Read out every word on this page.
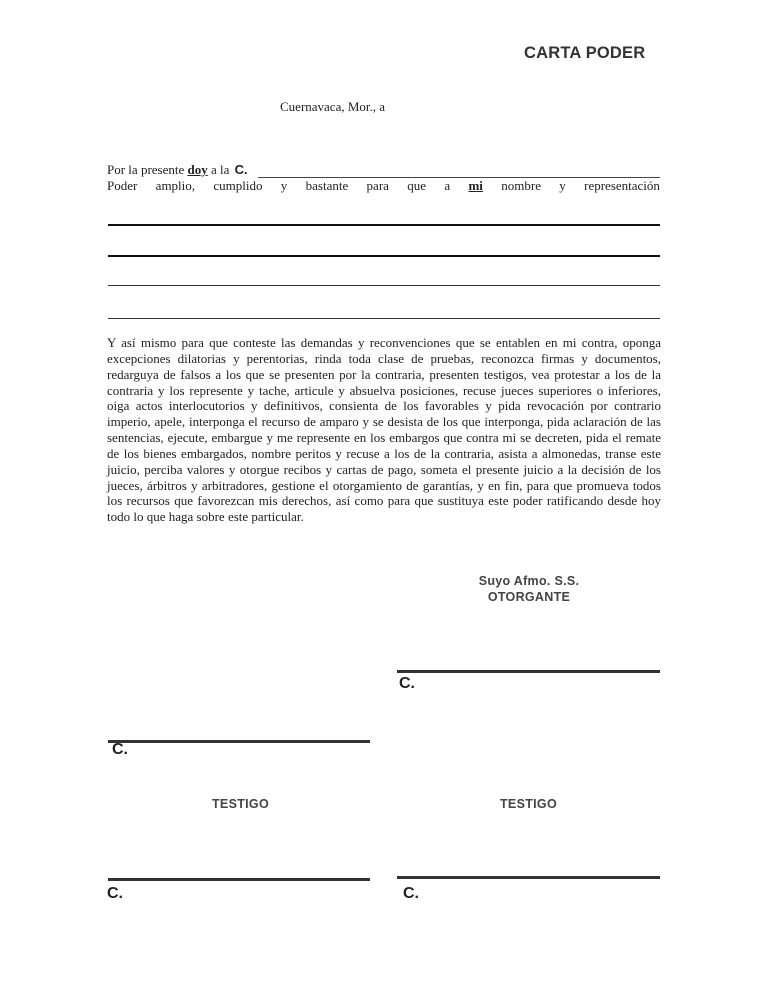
CARTA PODER
Cuernavaca, Mor., a
Por la presente doy a la C.
Poder amplio, cumplido y bastante para que a mi nombre y representación
Y así mismo para que conteste las demandas y reconvenciones que se entablen en mi contra, oponga excepciones dilatorias y perentorias, rinda toda clase de pruebas, reconozca firmas y documentos, redarguya de falsos a los que se presenten por la contraria, presenten testigos, vea protestar a los de la contraria y los represente y tache, articule y absuelva posiciones, recuse jueces superiores o inferiores, oiga actos interlocutorios y definitivos, consienta de los favorables y pida revocación por contrario imperio, apele, interponga el recurso de amparo y se desista de los que interponga, pida aclaración de las sentencias, ejecute, embargue y me represente en los embargos que contra mi se decreten, pida el remate de los bienes embargados, nombre peritos y recuse a los de la contraria, asista a almonedas, transe este juicio, perciba valores y otorgue recibos y cartas de pago, someta el presente juicio a la decisión de los jueces, árbitros y arbitradores, gestione el otorgamiento de garantías, y en fin, para que promueva todos los recursos que favorezcan mis derechos, así como para que sustituya este poder ratificando desde hoy todo lo que haga sobre este particular.
Suyo Afmo. S.S.
OTORGANTE
C.
C.
TESTIGO	TESTIGO
C.	C.
